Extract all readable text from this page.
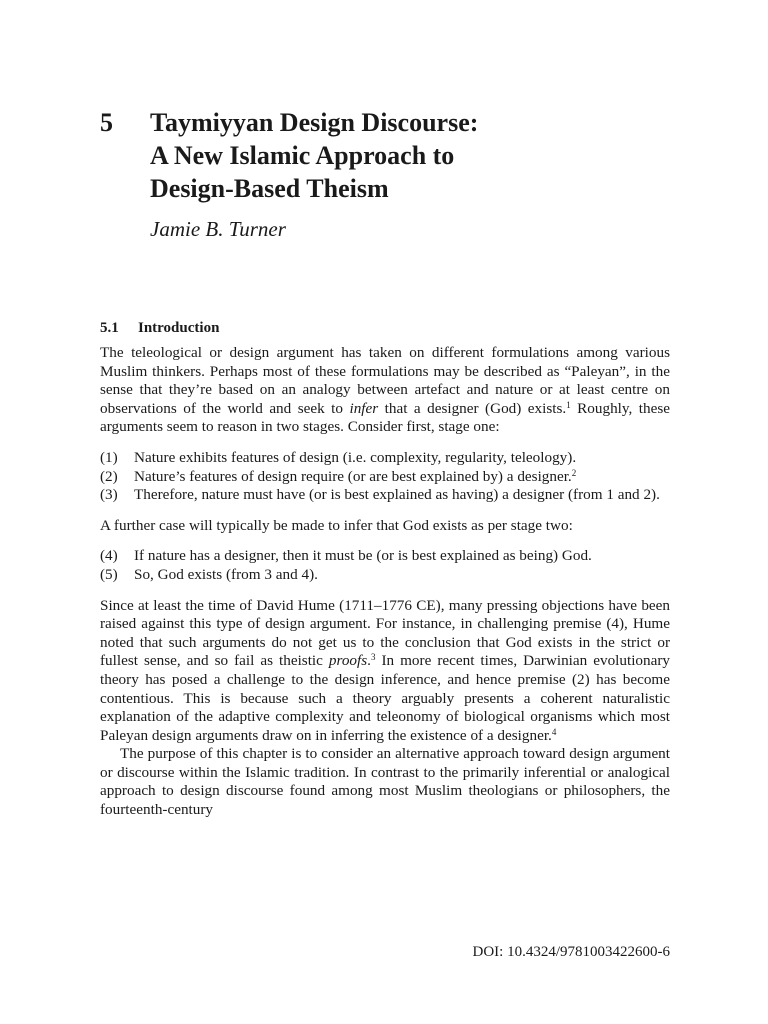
5 Taymiyyan Design Discourse:
A New Islamic Approach to
Design-Based Theism
Jamie B. Turner
5.1 Introduction

The teleological or design argument has taken on different formulations among various Muslim thinkers. Perhaps most of these formulations may be described as “Paleyan”, in the sense that they’re based on an analogy between artefact and nature or at least centre on observations of the world and seek to infer that a designer (God) exists.$^1$ Roughly, these arguments seem to reason in two stages. Consider first, stage one:

(1)	Nature exhibits features of design (i.e. complexity, regularity, teleology).
(2)	Nature’s features of design require (or are best explained by) a designer.$^2$
(3)	Therefore, nature must have (or is best explained as having) a designer (from 1 and 2).

A further case will typically be made to infer that God exists as per stage two:

(4)	If nature has a designer, then it must be (or is best explained as being) God.
(5)	So, God exists (from 3 and 4).

Since at least the time of David Hume (1711–1776 CE), many pressing objections have been raised against this type of design argument. For instance, in challenging premise (4), Hume noted that such arguments do not get us to the conclusion that God exists in the strict or fullest sense, and so fail as theistic proofs.$^3$ In more recent times, Darwinian evolutionary theory has posed a challenge to the design inference, and hence premise (2) has become contentious. This is because such a theory arguably presents a coherent naturalistic explanation of the adaptive complexity and teleonomy of biological organisms which most Paleyan design arguments draw on in inferring the existence of a designer.$^4$

The purpose of this chapter is to consider an alternative approach toward design argument or discourse within the Islamic tradition. In contrast to the primarily inferential or analogical approach to design discourse found among most Muslim theologians or philosophers, the fourteenth-century

DOI: 10.4324/9781003422600-6
